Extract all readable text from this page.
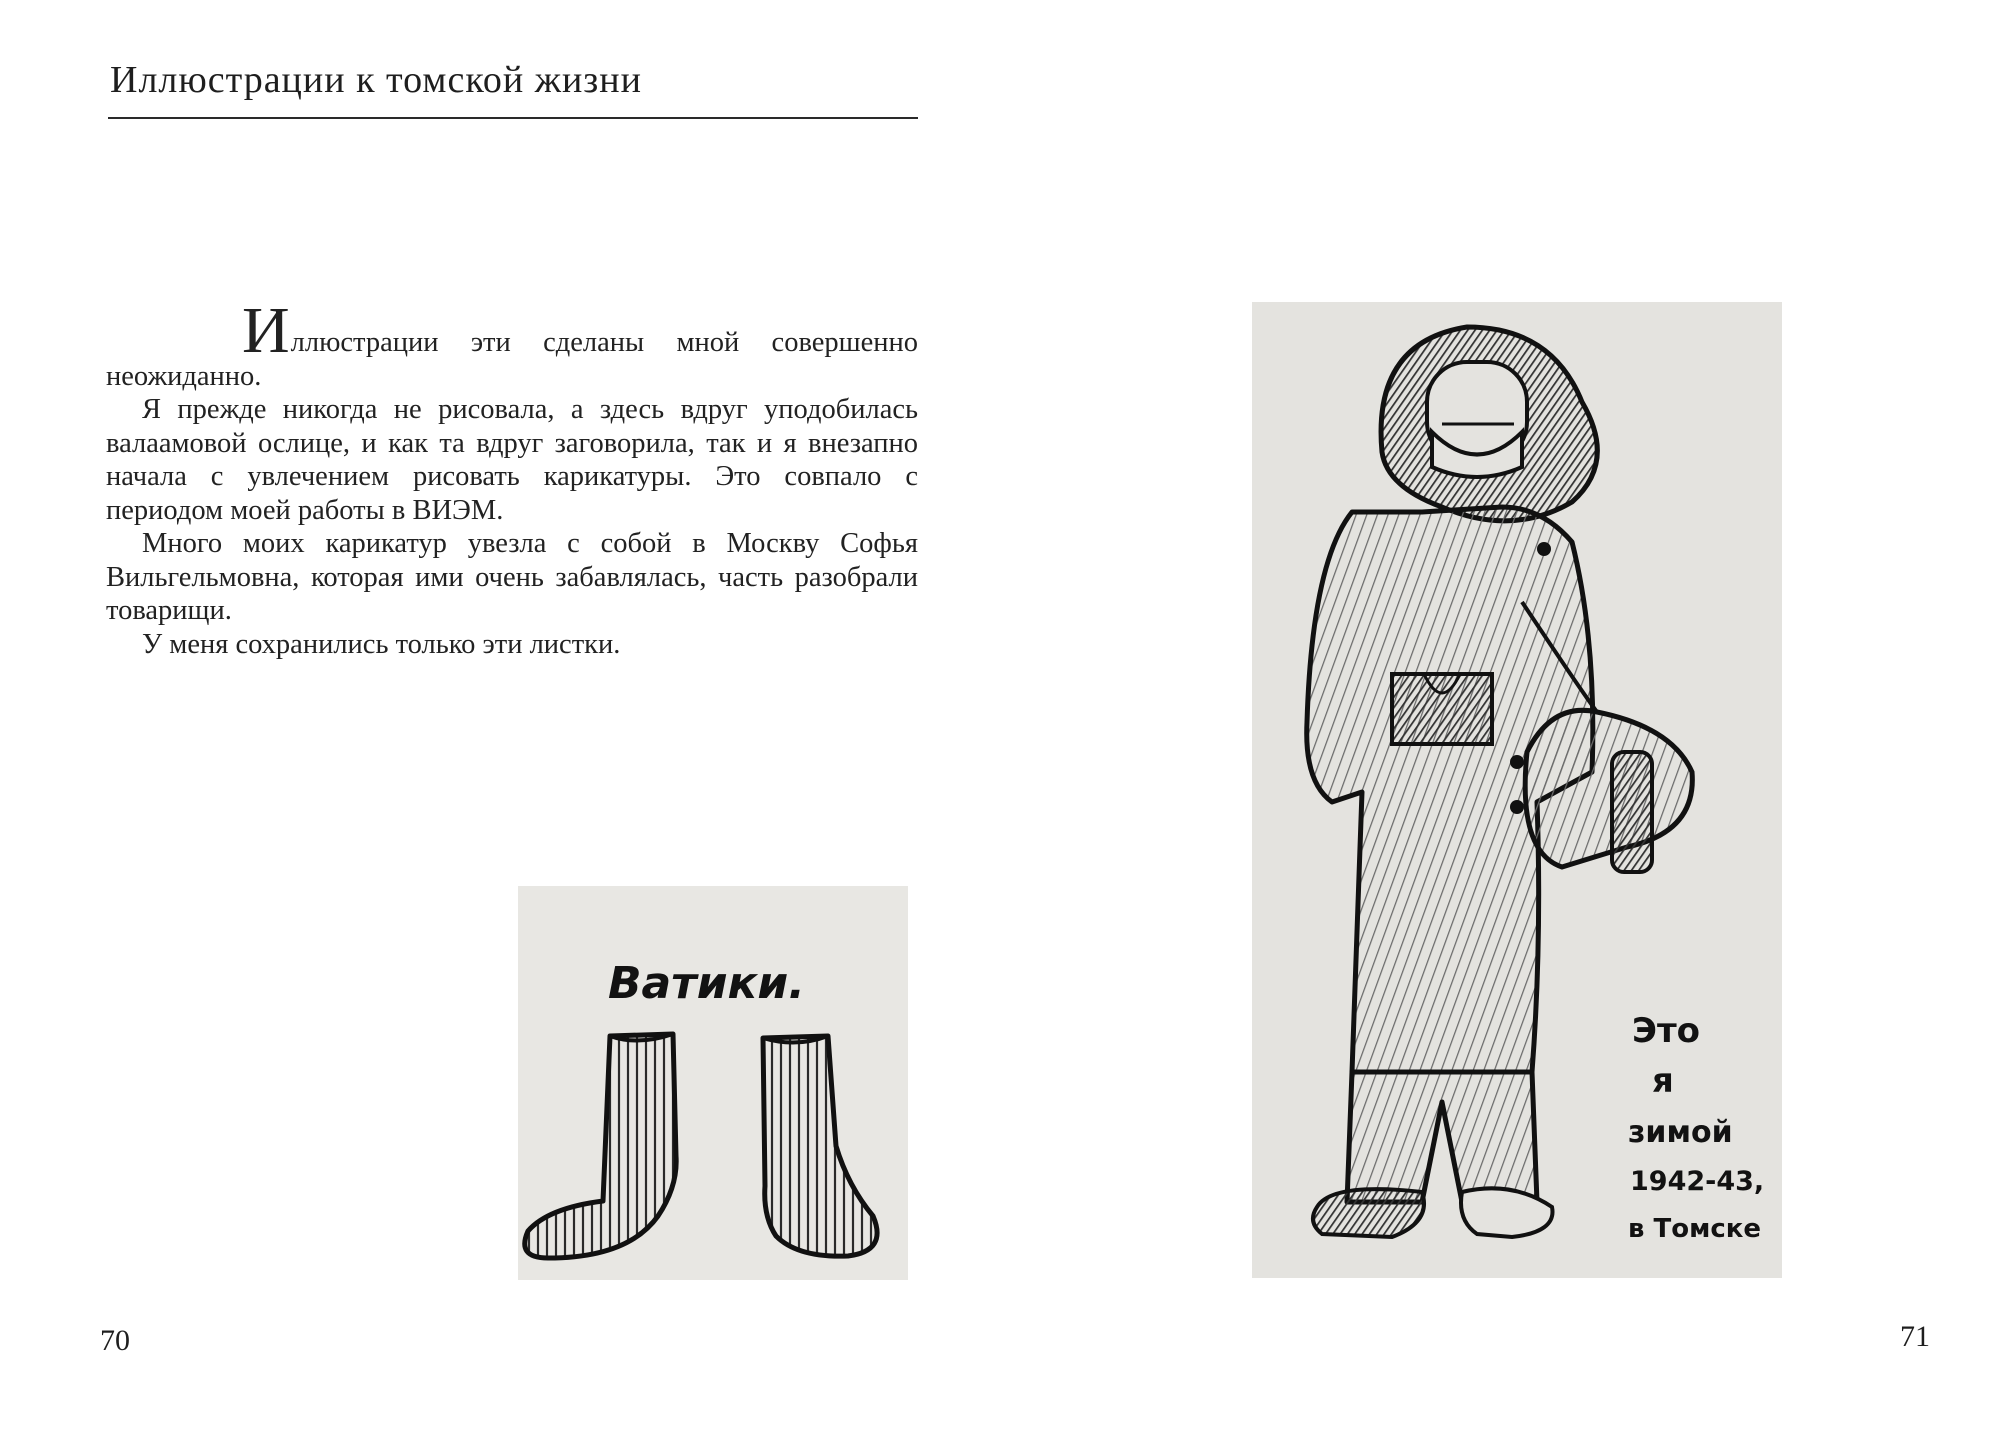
Иллюстрации к томской жизни

Иллюстрации эти сделаны мной совершенно неожиданно.

Я прежде никогда не рисовала, а здесь вдруг уподобилась валаамовой ослице, и как та вдруг заговорила, так и я внезапно начала с увлечением рисовать карикатуры. Это совпало с периодом моей работы в ВИЭМ.

Много моих карикатур увезла с собой в Москву Софья Вильгельмовна, которая ими очень забавлялась, часть разобрали товарищи.

У меня сохранились только эти листки.

Ватики.
Это
я
зимой
1942-43,
в Томске
70	71
